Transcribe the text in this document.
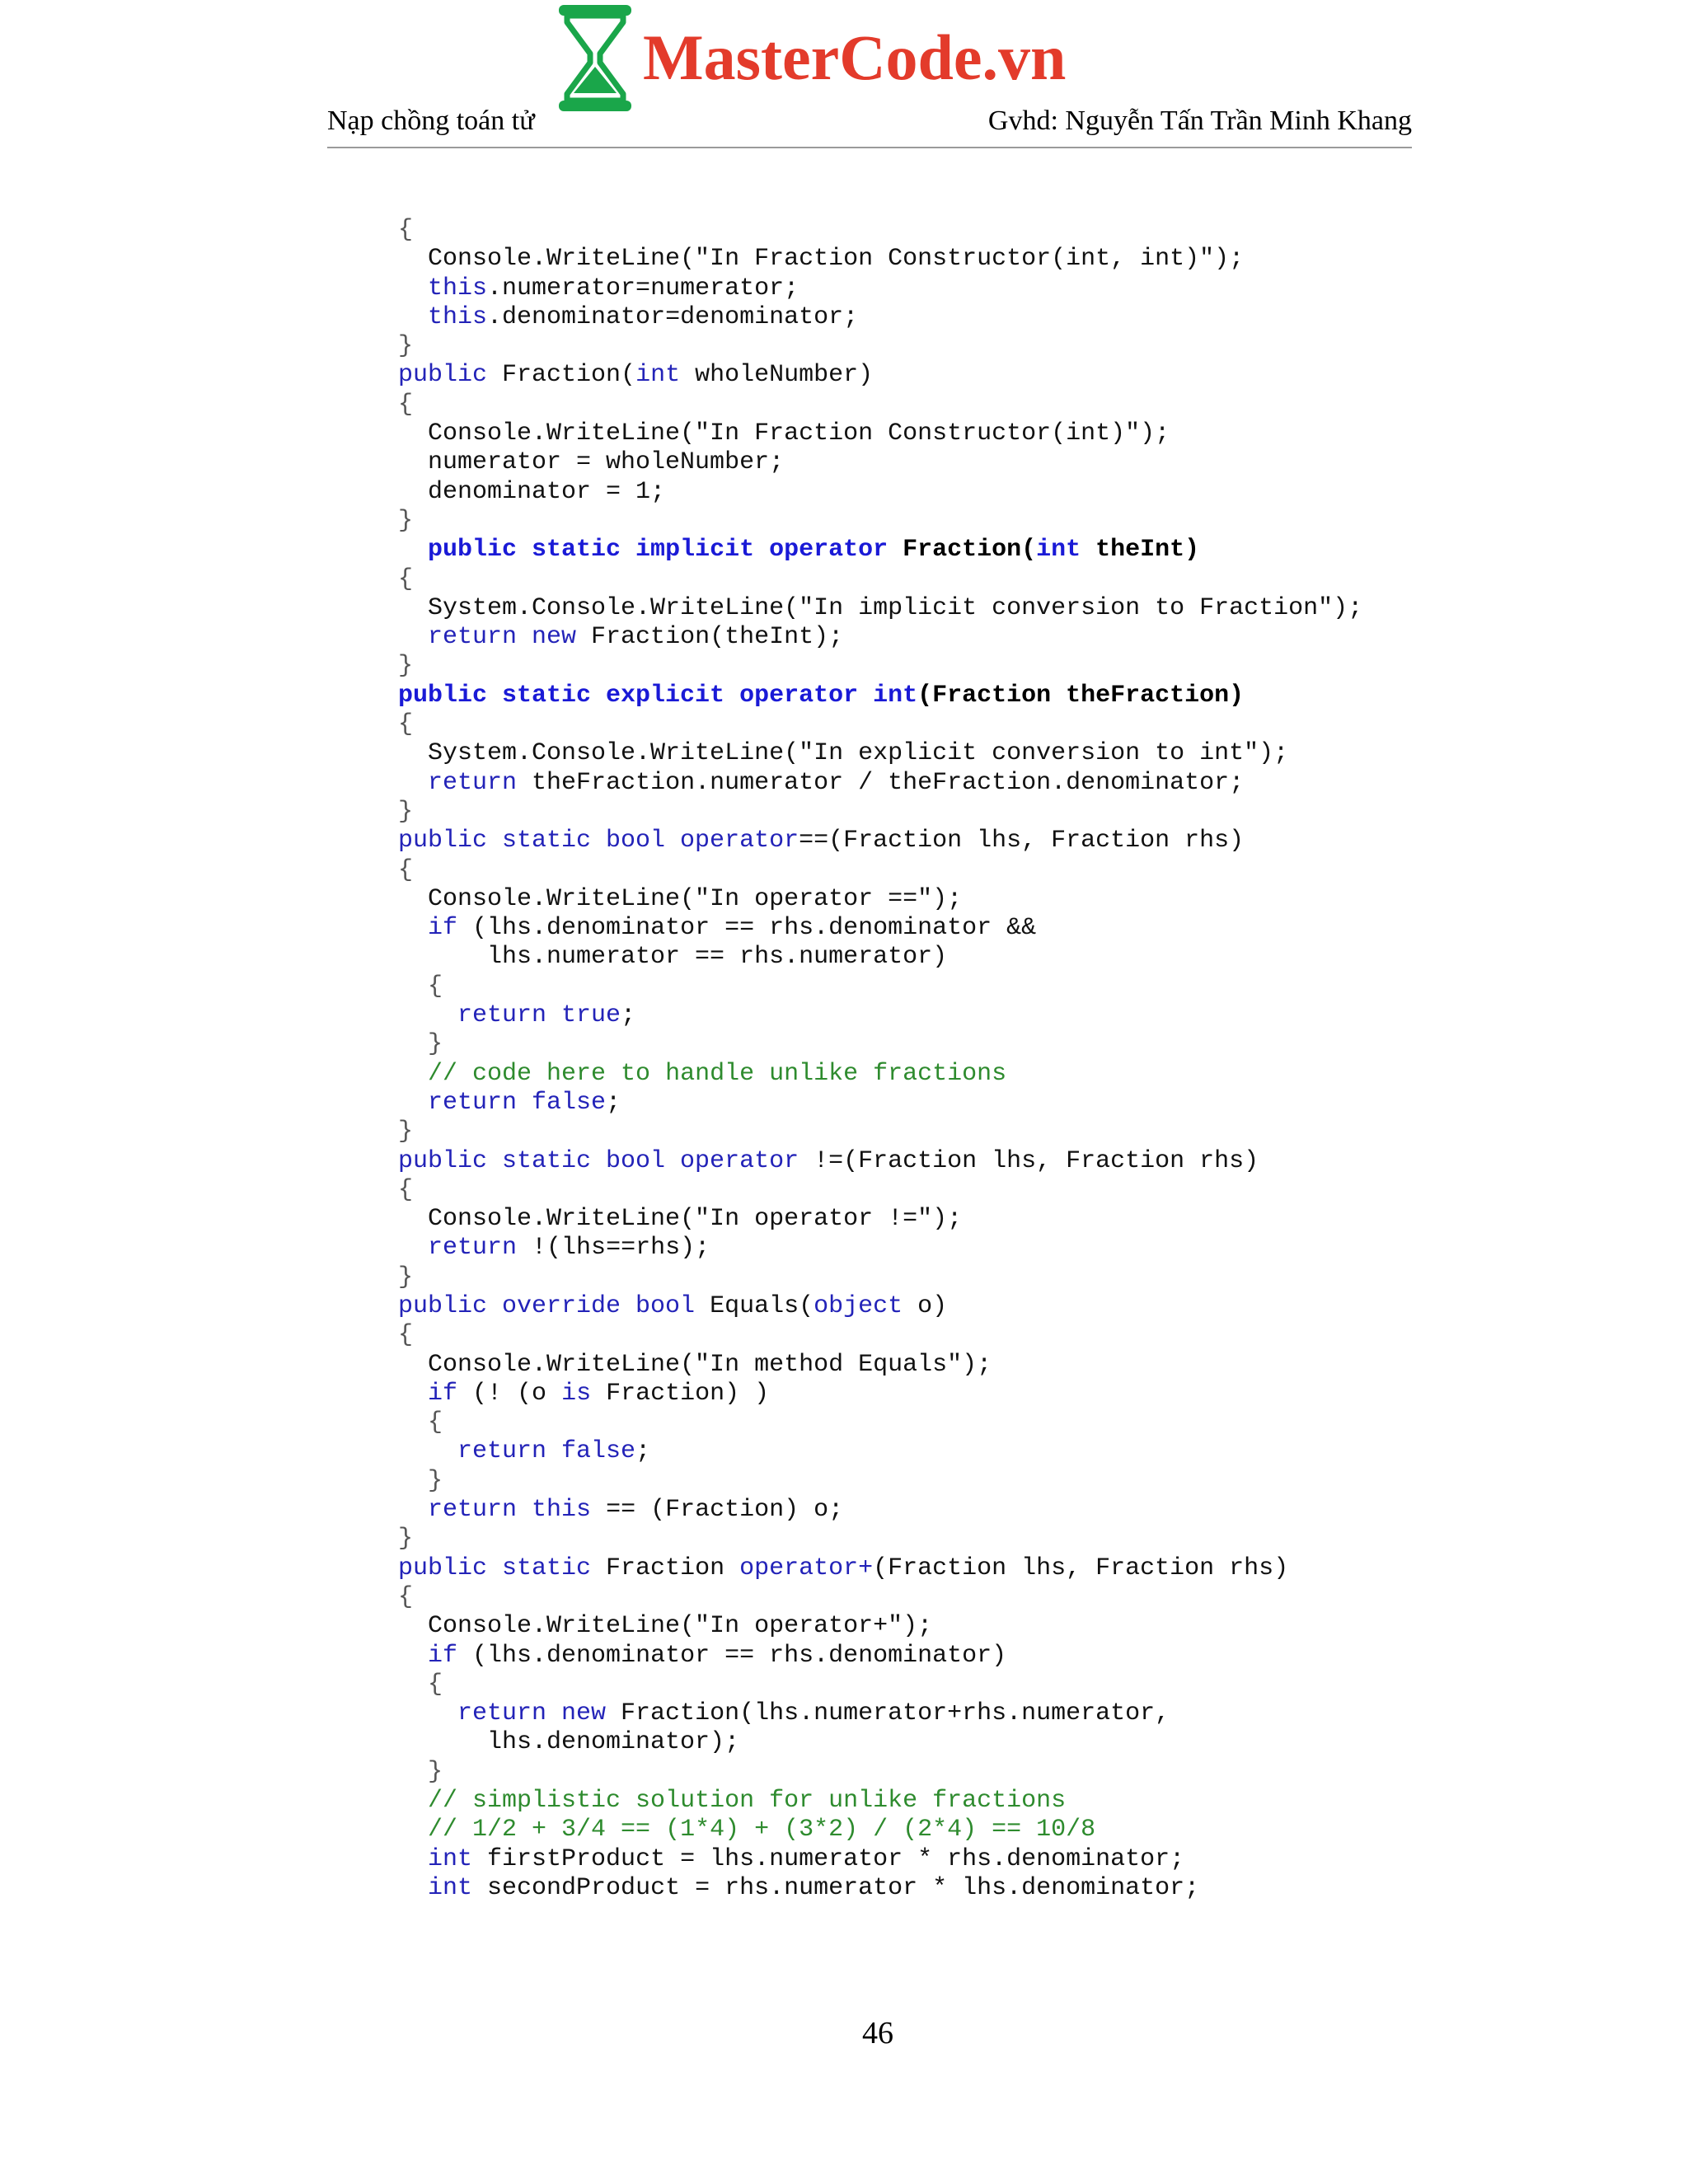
MasterCode.vn
Nạp chồng toán tử	Gvhd: Nguyễn Tấn Trần Minh Khang
{
Console.WriteLine("In Fraction Constructor(int, int)");
this.numerator=numerator;
this.denominator=denominator;
}
public Fraction(int wholeNumber)
{
Console.WriteLine("In Fraction Constructor(int)");
numerator = wholeNumber;
denominator = 1;
}
public static implicit operator Fraction(int theInt)
{
System.Console.WriteLine("In implicit conversion to Fraction");
return new Fraction(theInt);
}
public static explicit operator int(Fraction theFraction)
{
System.Console.WriteLine("In explicit conversion to int");
return theFraction.numerator / theFraction.denominator;
}
public static bool operator==(Fraction lhs, Fraction rhs)
{
Console.WriteLine("In operator ==");
if (lhs.denominator == rhs.denominator &&
lhs.numerator == rhs.numerator)
{
return true;
}
// code here to handle unlike fractions
return false;
}
public static bool operator !=(Fraction lhs, Fraction rhs)
{
Console.WriteLine("In operator !=");
return !(lhs==rhs);
}
public override bool Equals(object o)
{
Console.WriteLine("In method Equals");
if (! (o is Fraction) )
{
return false;
}
return this == (Fraction) o;
}
public static Fraction operator+(Fraction lhs, Fraction rhs)
{
Console.WriteLine("In operator+");
if (lhs.denominator == rhs.denominator)
{
return new Fraction(lhs.numerator+rhs.numerator,
lhs.denominator);
}
// simplistic solution for unlike fractions
// 1/2 + 3/4 == (1*4) + (3*2) / (2*4) == 10/8
int firstProduct = lhs.numerator * rhs.denominator;
int secondProduct = rhs.numerator * lhs.denominator;
46
